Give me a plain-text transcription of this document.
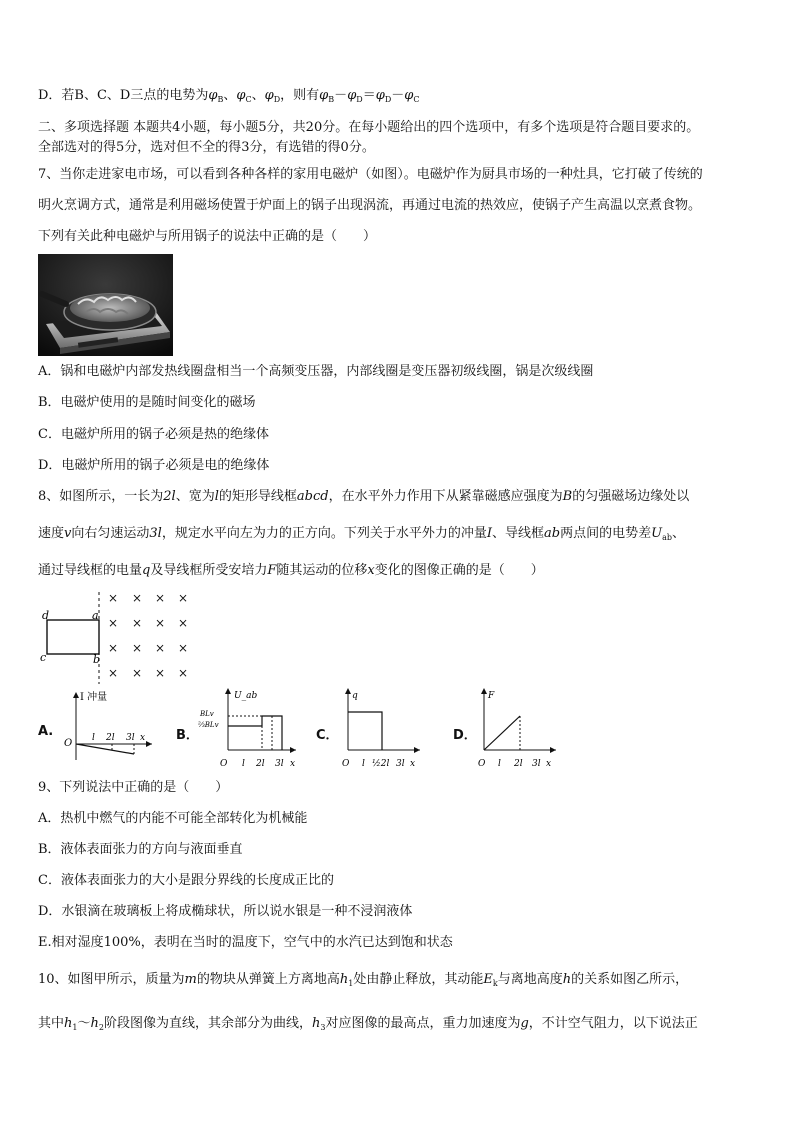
D．若B、C、D三点的电势为$\varphi_B$、$\varphi_C$、$\varphi_D$，则有$\varphi_B-\varphi_D=\varphi_D-\varphi_C$
二、多项选择题 本题共4小题，每小题5分，共20分。在每小题给出的四个选项中，有多个选项是符合题目要求的。
全部选对的得5分，选对但不全的得3分，有选错的得0分。
7、当你走进家电市场，可以看到各种各样的家用电磁炉（如图）。电磁炉作为厨具市场的一种灶具，它打破了传统的
明火烹调方式，通常是利用磁场使置于炉面上的锅子出现涡流，再通过电流的热效应，使锅子产生高温以烹煮食物。
下列有关此种电磁炉与所用锅子的说法中正确的是（　　）
A．锅和电磁炉内部发热线圈盘相当一个高频变压器，内部线圈是变压器初级线圈，锅是次级线圈
B．电磁炉使用的是随时间变化的磁场
C．电磁炉所用的锅子必须是热的绝缘体
D．电磁炉所用的锅子必须是电的绝缘体
8、如图所示，一长为2l、宽为l的矩形导线框abcd，在水平外力作用下从紧靠磁感应强度为B的匀强磁场边缘处以
速度v向右匀速运动3l，规定水平向左为力的正方向。下列关于水平外力的冲量I、导线框ab两点间的电势差$U_{ab}$、
通过导线框的电量q及导线框所受安培力F随其运动的位移x变化的图像正确的是（　　）
d	a
c	b
× × × ×
× × × ×
× × × ×
× × × ×
A.
I 冲量
O l 2l 3l x B．
U_ab
BLv
⅔BLv
O l 2l 3l x
C．
q
O l ½2l 3l x
D．
F
O l 2l 3l x
9、下列说法中正确的是（　　）
A．热机中燃气的内能不可能全部转化为机械能
B．液体表面张力的方向与液面垂直
C．液体表面张力的大小是跟分界线的长度成正比的
D．水银滴在玻璃板上将成椭球状，所以说水银是一种不浸润液体
E.相对湿度100%，表明在当时的温度下，空气中的水汽已达到饱和状态
10、如图甲所示，质量为m的物块从弹簧上方离地高$h_1$处由静止释放，其动能$E_k$与离地高度h的关系如图乙所示，
其中$h_1\sim h_2$阶段图像为直线，其余部分为曲线，$h_3$对应图像的最高点，重力加速度为g，不计空气阻力，以下说法正
